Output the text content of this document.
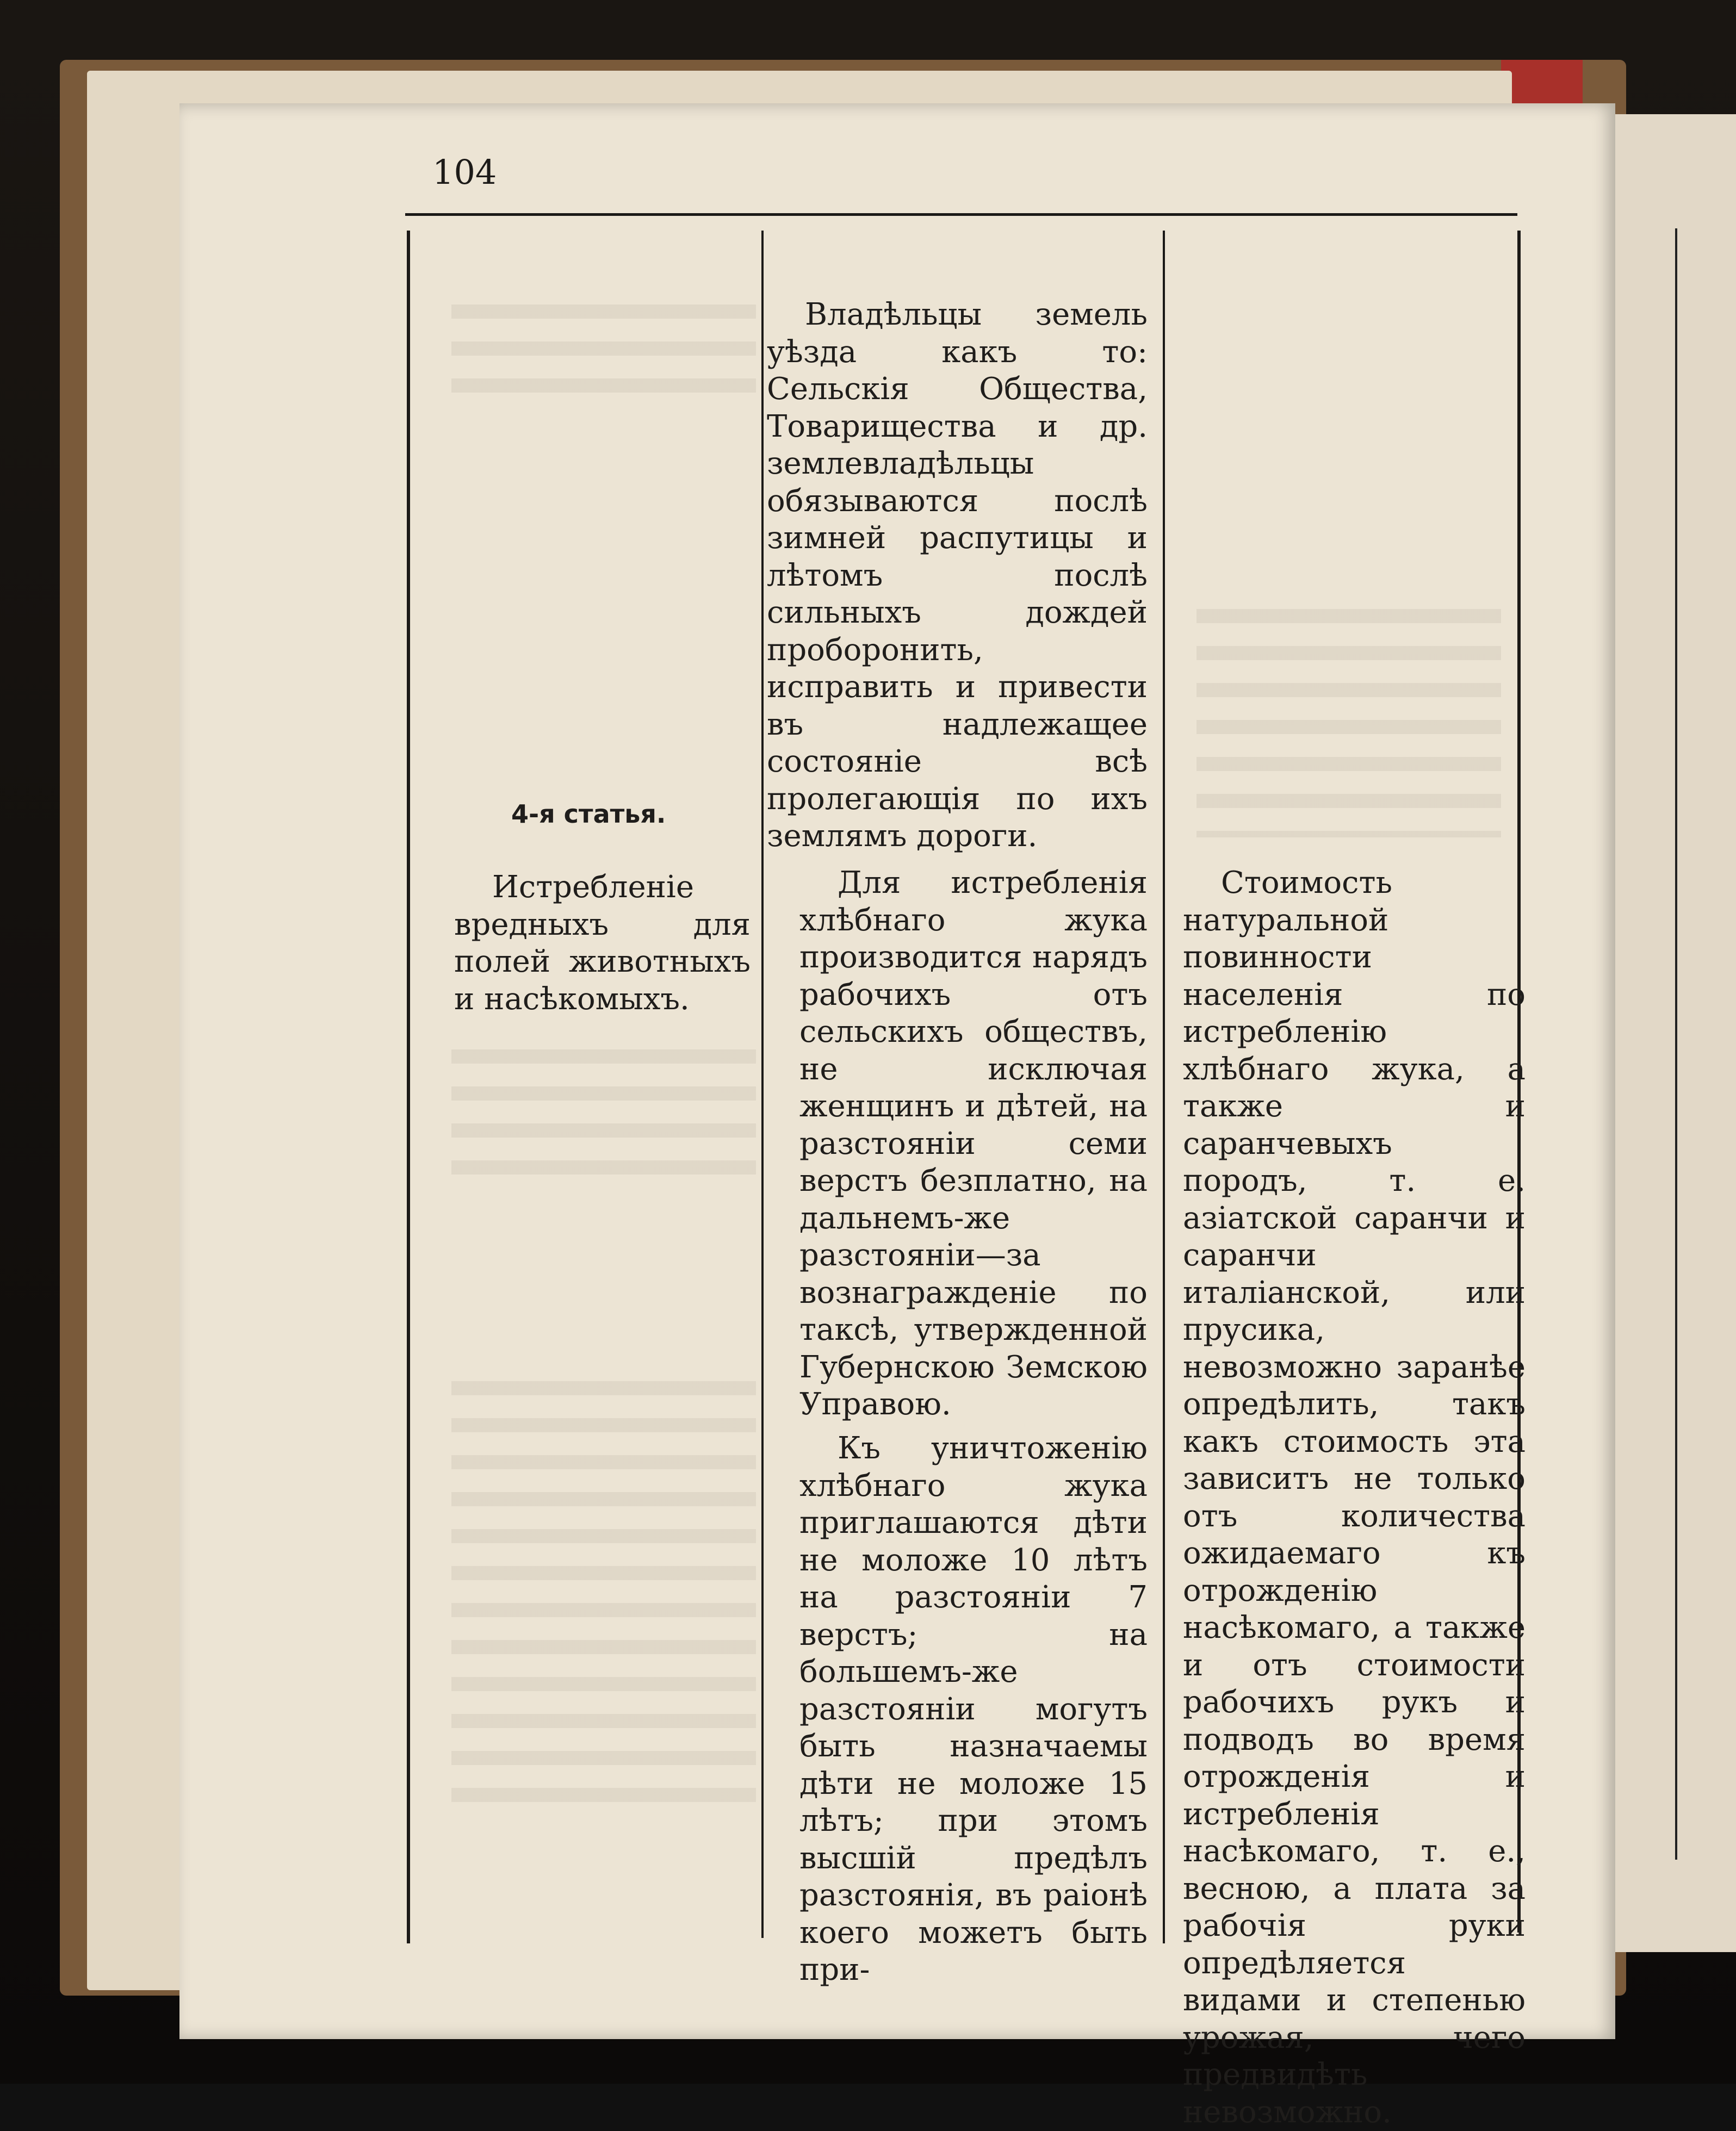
104
4-я статья.

Истребленіе вредныхъ для полей животныхъ и насѣкомыхъ.

Владѣльцы земель уѣзда какъ то: Сельскія Общества, Товарищества и др. землевладѣльцы обязываются послѣ зимней распутицы и лѣтомъ послѣ сильныхъ дождей проборонить, исправить и привести въ надлежащее состояніе всѣ пролегающія по ихъ землямъ дороги.

Для истребленія хлѣбнаго жука производится нарядъ рабочихъ отъ сельскихъ обществъ, не исключая женщинъ и дѣтей, на разстояніи семи верстъ безплатно, на дальнемъ-же разстояніи—за вознагражденіе по таксѣ, утвержденной Губернскою Земскою Управою.

Къ уничтоженію хлѣбнаго жука приглашаются дѣти не моложе 10 лѣтъ на разстояніи 7 верстъ; на большемъ-же разстояніи могутъ быть назначаемы дѣти не моложе 15 лѣтъ; при этомъ высшій предѣлъ разстоянія, въ раіонѣ коего можетъ быть при-

Стоимость натуральной повинности населенія по истребленію хлѣбнаго жука, а также и саранчевыхъ породъ, т. е. азіатской саранчи и саранчи италіанской, или прусика, невозможно заранѣе опредѣлить, такъ какъ стоимость эта зависитъ не только отъ количества ожидаемаго къ отрожденію насѣкомаго, а также и отъ стоимости рабочихъ рукъ и подводъ во время отрожденія и истребленія насѣкомаго, т. е., весною, а плата за рабочія руки опредѣляется видами и степенью урожая, чего предвидѣть невозможно.
